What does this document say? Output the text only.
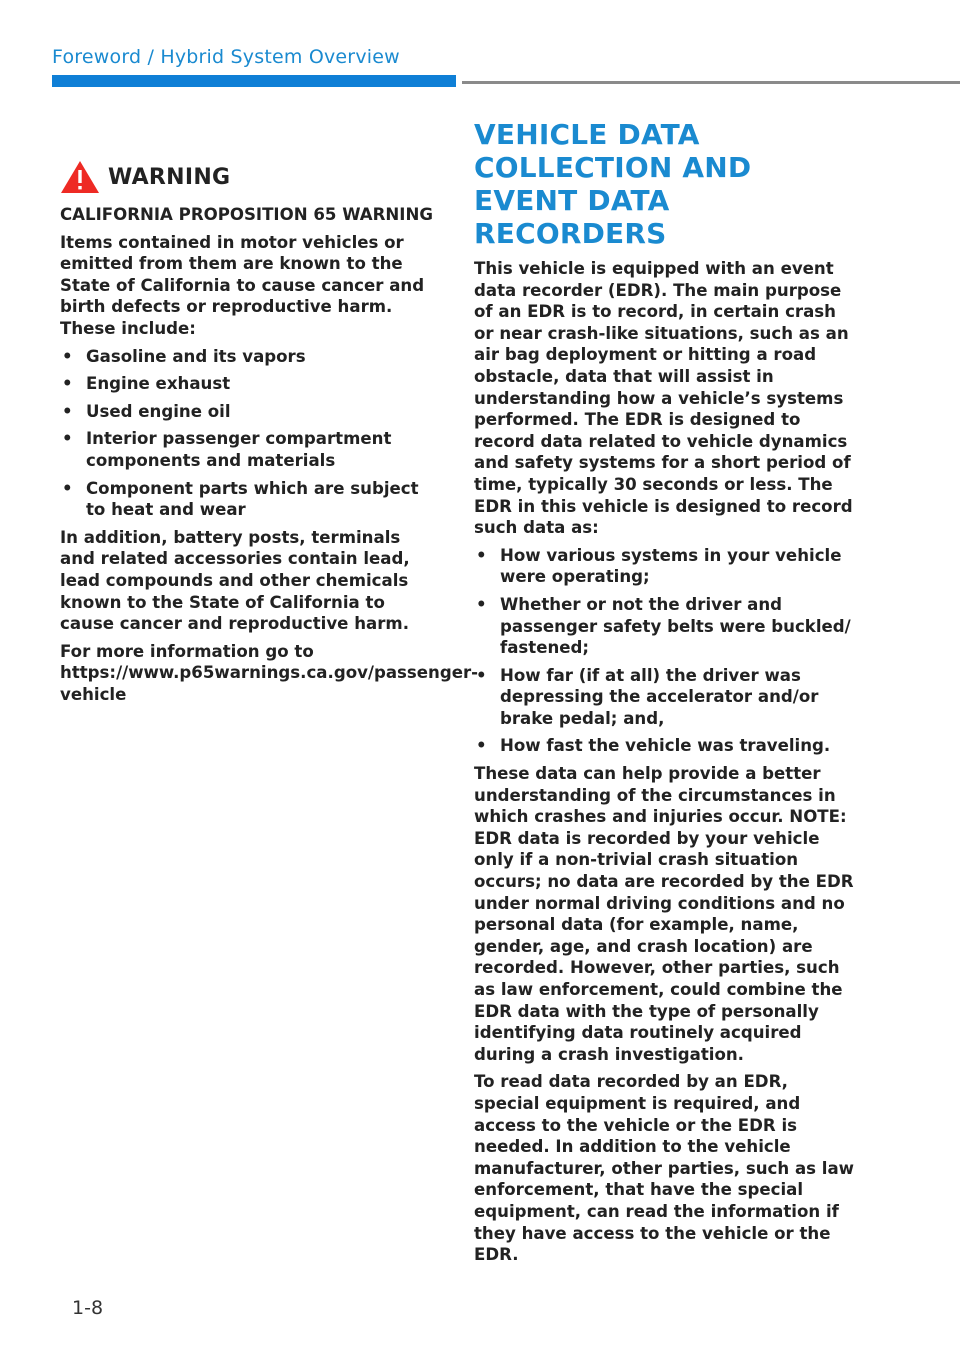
Foreword / Hybrid System Overview
WARNING

CALIFORNIA PROPOSITION 65 WARNING

Items contained in motor vehicles or emitted from them are known to the State of California to cause cancer and birth defects or reproductive harm. These include:

• Gasoline and its vapors
• Engine exhaust
• Used engine oil
• Interior passenger compartment components and materials
• Component parts which are subject to heat and wear

In addition, battery posts, terminals and related accessories contain lead, lead compounds and other chemicals known to the State of California to cause cancer and reproductive harm.

For more information go to https://www.p65warnings.ca.gov/passenger-vehicle

VEHICLE DATA COLLECTION AND EVENT DATA RECORDERS

This vehicle is equipped with an event data recorder (EDR). The main purpose of an EDR is to record, in certain crash or near crash-like situations, such as an air bag deployment or hitting a road obstacle, data that will assist in understanding how a vehicle’s systems performed. The EDR is designed to record data related to vehicle dynamics and safety systems for a short period of time, typically 30 seconds or less. The EDR in this vehicle is designed to record such data as:

• How various systems in your vehicle were operating;
• Whether or not the driver and passenger safety belts were buckled/ fastened;
• How far (if at all) the driver was depressing the accelerator and/or brake pedal; and,
• How fast the vehicle was traveling.

These data can help provide a better understanding of the circumstances in which crashes and injuries occur. NOTE: EDR data is recorded by your vehicle only if a non-trivial crash situation occurs; no data are recorded by the EDR under normal driving conditions and no personal data (for example, name, gender, age, and crash location) are recorded. However, other parties, such as law enforcement, could combine the EDR data with the type of personally identifying data routinely acquired during a crash investigation.

To read data recorded by an EDR, special equipment is required, and access to the vehicle or the EDR is needed. In addition to the vehicle manufacturer, other parties, such as law enforcement, that have the special equipment, can read the information if they have access to the vehicle or the EDR.

1-8
